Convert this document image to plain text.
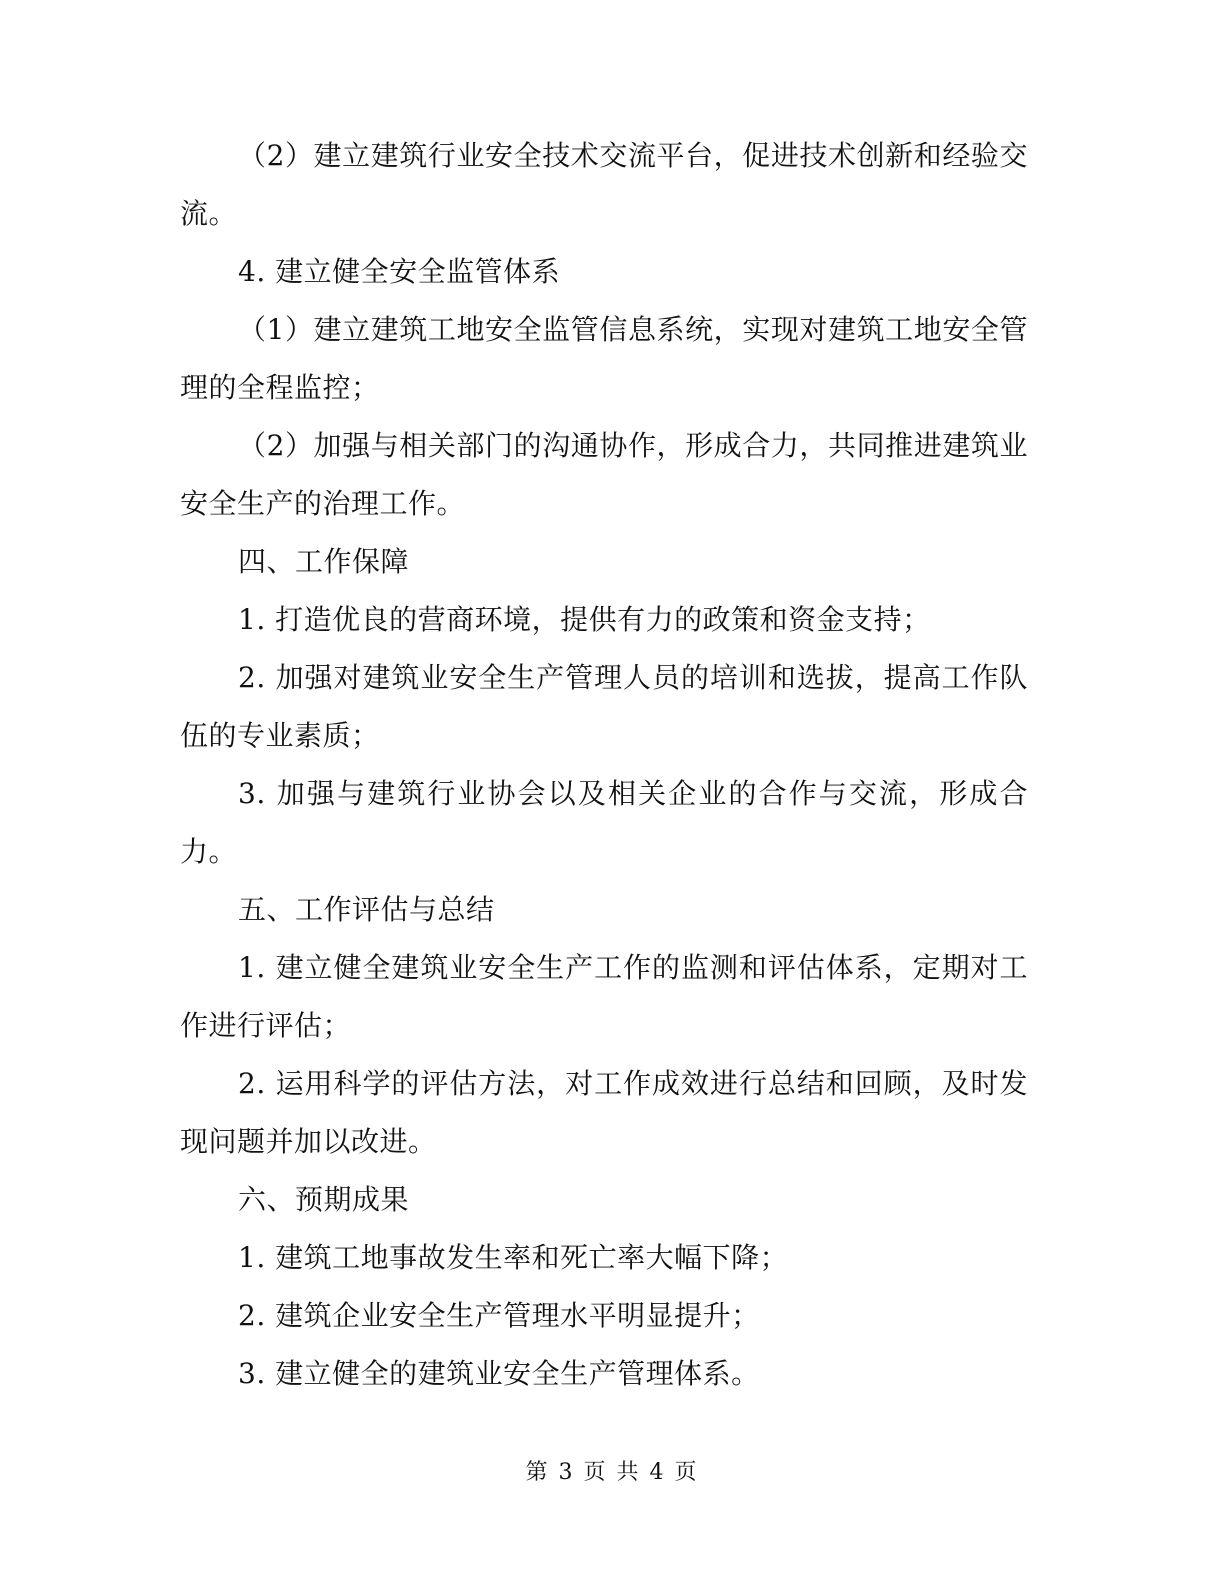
（2）建立建筑行业安全技术交流平台，促进技术创新和经验交流。

4. 建立健全安全监管体系

（1）建立建筑工地安全监管信息系统，实现对建筑工地安全管理的全程监控；

（2）加强与相关部门的沟通协作，形成合力，共同推进建筑业安全生产的治理工作。

四、工作保障

1. 打造优良的营商环境，提供有力的政策和资金支持；

2. 加强对建筑业安全生产管理人员的培训和选拔，提高工作队伍的专业素质；

3. 加强与建筑行业协会以及相关企业的合作与交流，形成合力。

五、工作评估与总结

1. 建立健全建筑业安全生产工作的监测和评估体系，定期对工作进行评估；

2. 运用科学的评估方法，对工作成效进行总结和回顾，及时发现问题并加以改进。

六、预期成果

1. 建筑工地事故发生率和死亡率大幅下降；

2. 建筑企业安全生产管理水平明显提升；

3. 建立健全的建筑业安全生产管理体系。

第 3 页 共 4 页
